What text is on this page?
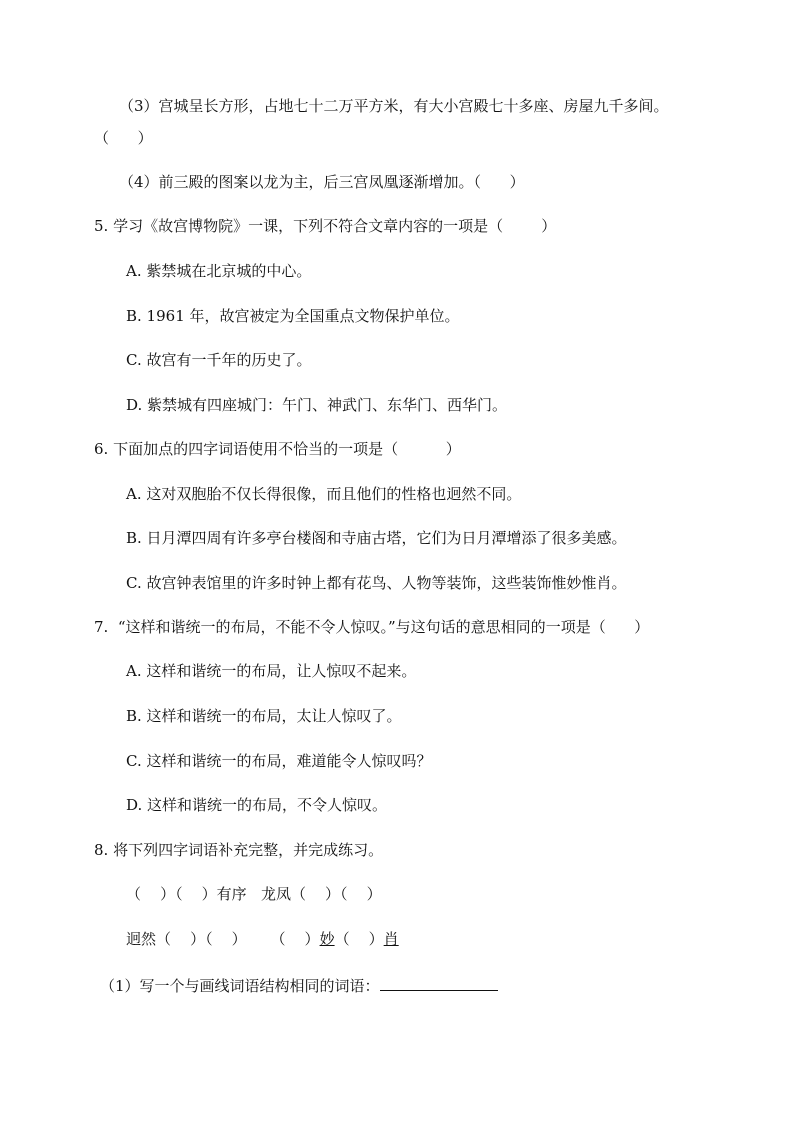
（3）宫城呈长方形，占地七十二万平方米，有大小宫殿七十多座、房屋九千多间。
（      ）
（4）前三殿的图案以龙为主，后三宫凤凰逐渐增加。（      ）
5. 学习《故宫博物院》一课，下列不符合文章内容的一项是（        ）
A. 紫禁城在北京城的中心。
B. 1961 年，故宫被定为全国重点文物保护单位。
C. 故宫有一千年的历史了。
D. 紫禁城有四座城门：午门、神武门、东华门、西华门。
6. 下面加点的四字词语使用不恰当的一项是（          ）
A. 这对双胞胎不仅长得很像，而且他们的性格也迥然不同。
B. 日月潭四周有许多亭台楼阁和寺庙古塔，它们为日月潭增添了很多美感。
C. 故宫钟表馆里的许多时钟上都有花鸟、人物等装饰，这些装饰惟妙惟肖。
7.  “这样和谐统一的布局，不能不令人惊叹。”与这句话的意思相同的一项是（      ）
A. 这样和谐统一的布局，让人惊叹不起来。
B. 这样和谐统一的布局，太让人惊叹了。
C. 这样和谐统一的布局，难道能令人惊叹吗？
D. 这样和谐统一的布局，不令人惊叹。
8. 将下列四字词语补充完整，并完成练习。
（    ）（    ）有序   龙凤（    ）（    ）
迥然（    ）（    ）     （    ）妙（    ）肖
（1）写一个与画线词语结构相同的词语：
